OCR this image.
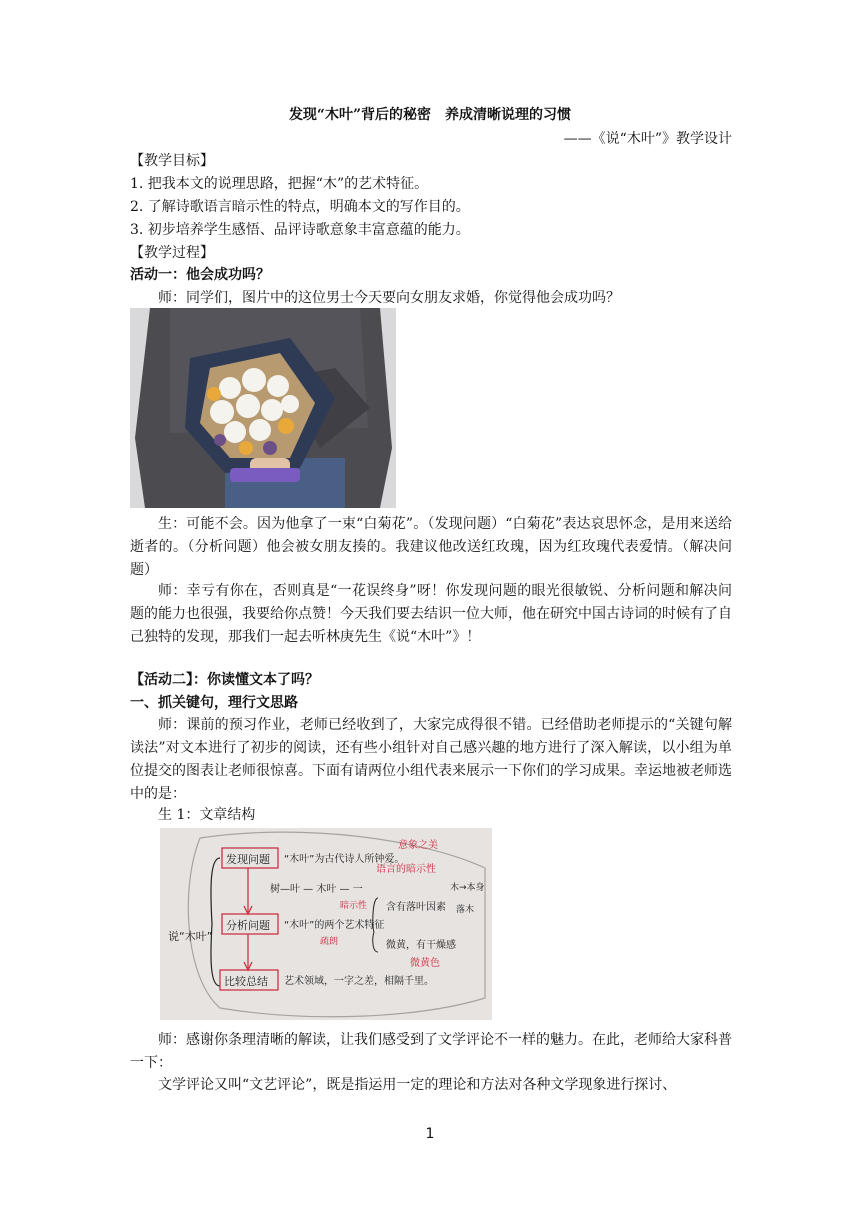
发现“木叶”背后的秘密　养成清晰说理的习惯
——《说“木叶”》教学设计
【教学目标】
1. 把我本文的说理思路，把握“木”的艺术特征。
2. 了解诗歌语言暗示性的特点，明确本文的写作目的。
3. 初步培养学生感悟、品评诗歌意象丰富意蕴的能力。
【教学过程】
活动一：他会成功吗？
师：同学们，图片中的这位男士今天要向女朋友求婚，你觉得他会成功吗？
生：可能不会。因为他拿了一束“白菊花”。（发现问题）“白菊花”表达哀思怀念，是用来送给逝者的。（分析问题）他会被女朋友揍的。我建议他改送红玫瑰，因为红玫瑰代表爱情。（解决问题）
师：幸亏有你在，否则真是“一花误终身”呀！你发现问题的眼光很敏锐、分析问题和解决问题的能力也很强，我要给你点赞！今天我们要去结识一位大师，他在研究中国古诗词的时候有了自己独特的发现，那我们一起去听林庚先生《说“木叶”》！
【活动二】：你读懂文本了吗？
一、抓关键句，理行文思路
师：课前的预习作业，老师已经收到了，大家完成得很不错。已经借助老师提示的“关键句解读法”对文本进行了初步的阅读，还有些小组针对自己感兴趣的地方进行了深入解读，以小组为单位提交的图表让老师很惊喜。下面有请两位小组代表来展示一下你们的学习成果。幸运地被老师选中的是：
生 1：文章结构
说“木叶”
发现问题
分析问题
比较总结
“木叶”为古代诗人所钟爱。
树—叶 — 木叶 — 一
“木叶”的两个艺术特征
艺术领域，一字之差，相隔千里。
意象之美
语言的暗示性
含有落叶因素
微黄，有干燥感
暗示性
木→本身
落木
疏朗
微黄色
师：感谢你条理清晰的解读，让我们感受到了文学评论不一样的魅力。在此，老师给大家科普一下：
文学评论又叫“文艺评论”，既是指运用一定的理论和方法对各种文学现象进行探讨、
1
